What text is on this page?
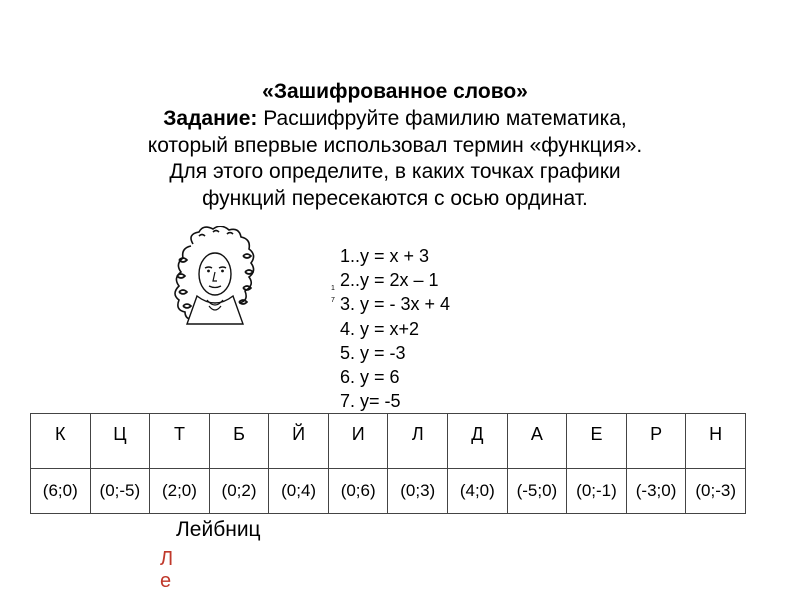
«Зашифрованное слово»
Задание: Расшифруйте фамилию математика,
который впервые использовал термин «функция».
Для этого определите, в каких точках графики
функций пересекаются с осью ординат.
1
7
1..у = х + 3
2..у = 2х – 1
3. у = - 3х + 4
4. у = х+2
5. у = -3
6. у = 6
7. у= -5
К	Ц	Т	Б	Й	И	Л	Д	А	Е	Р	Н
(6;0)	(0;-5)	(2;0)	(0;2)	(0;4)	(0;6)	(0;3)	(4;0)	(-5;0)	(0;-1)	(-3;0)	(0;-3)
Лейбниц
Ле
